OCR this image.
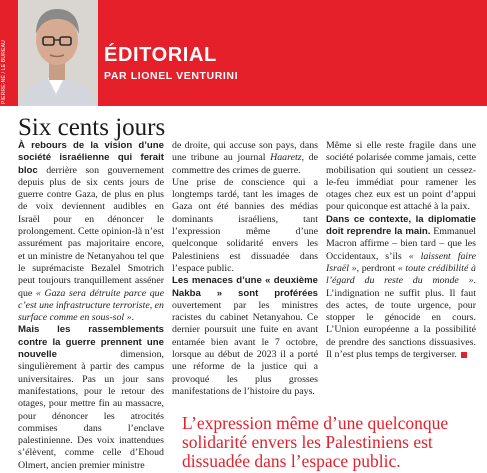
PIERRE-NÉ / LE BUREAU	ÉDITORIAL
PAR LIONEL VENTURINI
Six cents jours

À rebours de la vision d’une société israélienne qui ferait bloc derrière son gouvernement depuis plus de six cents jours de guerre contre Gaza, de plus en plus de voix deviennent audibles en Israël pour en dénoncer le prolongement. Cette opinion-là n’est assurément pas majoritaire encore, et un ministre de Netanyahou tel que le suprémaciste Bezalel Smotrich peut toujours tranquillement asséner que « Gaza sera détruite parce que c’est une infrastructure terroriste, en surface comme en sous-sol ».

Mais les rassemblements contre la guerre prennent une nouvelle dimension, singulièrement à partir des campus universitaires. Pas un jour sans manifestations, pour le retour des otages, pour mettre fin au massacre, pour dénoncer les atrocités commises dans l’enclave palestinienne. Des voix inattendues s’élèvent, comme celle d’Ehoud Olmert, ancien premier ministre

de droite, qui accuse son pays, dans une tribune au journal Haaretz, de commettre des crimes de guerre.

Une prise de conscience qui a longtemps tardé, tant les images de Gaza ont été bannies des médias dominants israéliens, tant l’expression même d’une quelconque solidarité envers les Palestiniens est dissuadée dans l’espace public.

Les menaces d’une « deuxième Nakba » sont proférées ouvertement par les ministres racistes du cabinet Netanyahou. Ce dernier poursuit une fuite en avant entamée bien avant le 7 octobre, lorsque au début de 2023 il a porté une réforme de la justice qui a provoqué les plus grosses manifestations de l’histoire du pays.

Même si elle reste fragile dans une société polarisée comme jamais, cette mobilisation qui soutient un cessez-le-feu immédiat pour ramener les otages chez eux est un point d’appui pour quiconque est attaché à la paix.

Dans ce contexte, la diplomatie doit reprendre la main. Emmanuel Macron affirme – bien tard – que les Occidentaux, s’ils « laissent faire Israël », perdront « toute crédibilité à l’égard du reste du monde ». L’indignation ne suffit plus. Il faut des actes, de toute urgence, pour stopper le génocide en cours. L’Union européenne a la possibilité de prendre des sanctions dissuasives. Il n’est plus temps de tergiverser.

L’expression même d’une quelconque solidarité envers les Palestiniens est dissuadée dans l’espace public.
